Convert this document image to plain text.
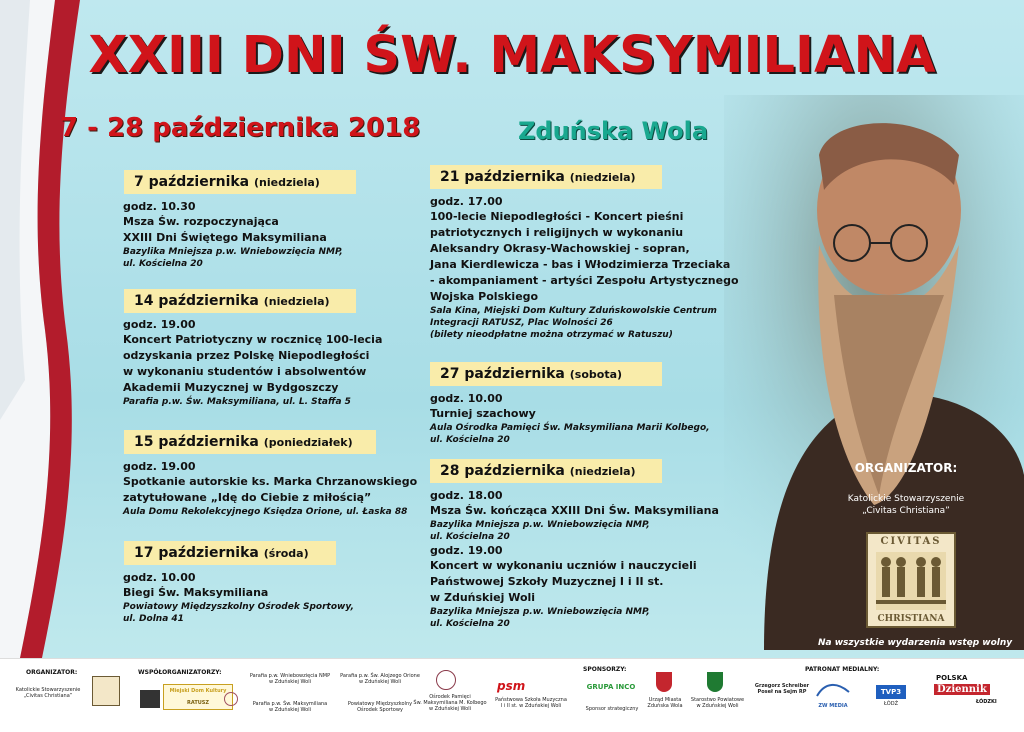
XXIII DNI ŚW. MAKSYMILIANA
7 - 28 października 2018	Zduńska Wola
7 października (niedziela)
godz. 10.30
Msza Św. rozpoczynająca
XXIII Dni Świętego Maksymiliana
Bazylika Mniejsza p.w. Wniebowzięcia NMP,
ul. Kościelna 20
14 października (niedziela)
godz. 19.00
Koncert Patriotyczny w rocznicę 100-lecia
odzyskania przez Polskę Niepodległości
w wykonaniu studentów i absolwentów
Akademii Muzycznej w Bydgoszczy
Parafia p.w. Św. Maksymiliana, ul. L. Staffa 5
15 października (poniedziałek)
godz. 19.00
Spotkanie autorskie ks. Marka Chrzanowskiego
zatytułowane „Idę do Ciebie z miłością”
Aula Domu Rekolekcyjnego Księdza Orione, ul. Łaska 88
17 października (środa)
godz. 10.00
Biegi Św. Maksymiliana
Powiatowy Międzyszkolny Ośrodek Sportowy,
ul. Dolna 41
21 października (niedziela)
godz. 17.00
100-lecie Niepodległości - Koncert pieśni
patriotycznych i religijnych w wykonaniu
Aleksandry Okrasy-Wachowskiej - sopran,
Jana Kierdlewicza - bas i Włodzimierza Trzeciaka
- akompaniament - artyści Zespołu Artystycznego
Wojska Polskiego
Sala Kina, Miejski Dom Kultury Zduńskowolskie Centrum
Integracji RATUSZ, Plac Wolności 26
(bilety nieodpłatne można otrzymać w Ratuszu)
27 października (sobota)
godz. 10.00
Turniej szachowy
Aula Ośrodka Pamięci Św. Maksymiliana Marii Kolbego,
ul. Kościelna 20
28 października (niedziela)
godz. 18.00
Msza Św. kończąca XXIII Dni Św. Maksymiliana
Bazylika Mniejsza p.w. Wniebowzięcia NMP,
ul. Kościelna 20
godz. 19.00
Koncert w wykonaniu uczniów i nauczycieli
Państwowej Szkoły Muzycznej I i II st.
w Zduńskiej Woli
Bazylika Mniejsza p.w. Wniebowzięcia NMP,
ul. Kościelna 20
ORGANIZATOR:
Katolickie Stowarzyszenie
„Civitas Christiana”
CIVITAS
CHRISTIANA
Na wszystkie wydarzenia wstęp wolny
ORGANIZATOR:
Katolickie Stowarzyszenie
„Civitas Christiana”
WSPÓŁORGANIZATORZY:
Miejski Dom Kultury
RATUSZ
Parafia p.w. Wniebowzięcia NMP
w Zduńskiej Woli
Parafia p.w. Św. Alojzego Orione
w Zduńskiej Woli
Parafia p.w. Św. Maksymiliana
w Zduńskiej Woli
Powiatowy Międzyszkolny
Ośrodek Sportowy
Ośrodek Pamięci
Św. Maksymiliana M. Kolbego
w Zduńskiej Woli
psm
Państwowa Szkoła Muzyczna
I i II st. w Zduńskiej Woli
SPONSORZY:
GRUPA INCO
Sponsor strategiczny
Urząd Miasta
Zduńska Wola
Starostwo Powiatowe
w Zduńskiej Woli
Grzegorz Schreiber
Poseł na Sejm RP
PATRONAT MEDIALNY:
ZW MEDIA
TVP3
ŁÓDŹ
POLSKA
Dziennik
ŁÓDZKI
